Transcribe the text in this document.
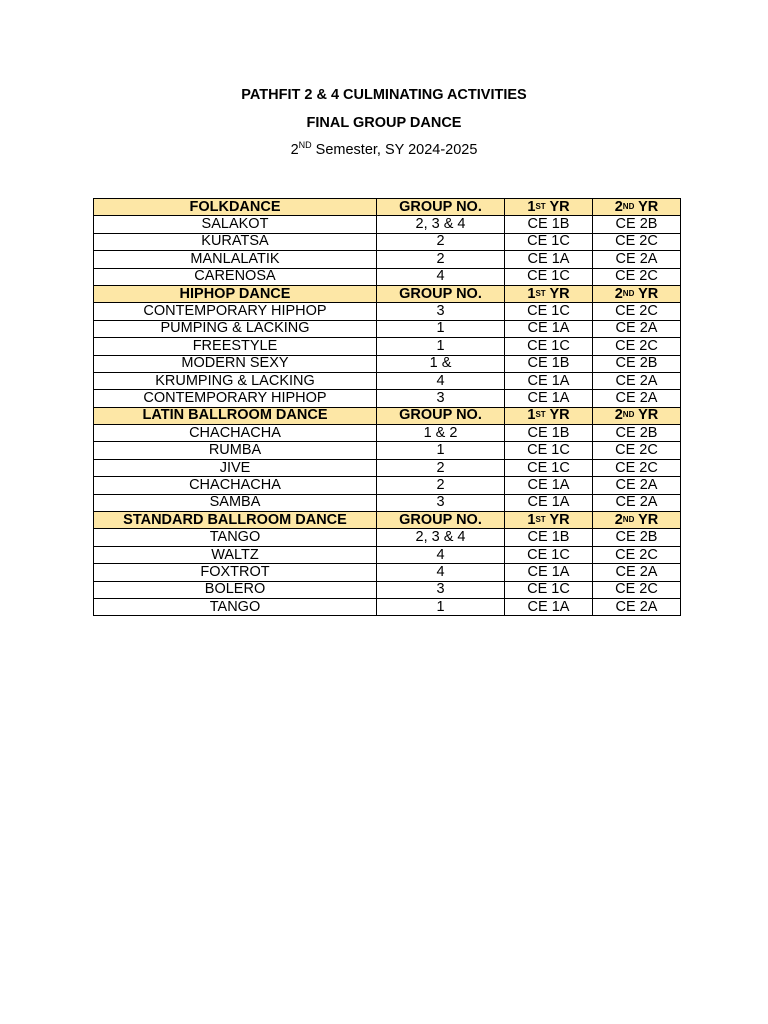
PATHFIT 2 & 4 CULMINATING ACTIVITIES
FINAL GROUP DANCE
2ND Semester, SY 2024-2025
FOLKDANCE	GROUP NO.	1ST YR	2ND YR
SALAKOT	2, 3 & 4	CE 1B	CE 2B
KURATSA	2	CE 1C	CE 2C
MANLALATIK	2	CE 1A	CE 2A
CARENOSA	4	CE 1C	CE 2C
HIPHOP DANCE	GROUP NO.	1ST YR	2ND YR
CONTEMPORARY HIPHOP	3	CE 1C	CE 2C
PUMPING & LACKING	1	CE 1A	CE 2A
FREESTYLE	1	CE 1C	CE 2C
MODERN SEXY	1 &	CE 1B	CE 2B
KRUMPING & LACKING	4	CE 1A	CE 2A
CONTEMPORARY HIPHOP	3	CE 1A	CE 2A
LATIN BALLROOM DANCE	GROUP NO.	1ST YR	2ND YR
CHACHACHA	1 & 2	CE 1B	CE 2B
RUMBA	1	CE 1C	CE 2C
JIVE	2	CE 1C	CE 2C
CHACHACHA	2	CE 1A	CE 2A
SAMBA	3	CE 1A	CE 2A
STANDARD BALLROOM DANCE	GROUP NO.	1ST YR	2ND YR
TANGO	2, 3 & 4	CE 1B	CE 2B
WALTZ	4	CE 1C	CE 2C
FOXTROT	4	CE 1A	CE 2A
BOLERO	3	CE 1C	CE 2C
TANGO	1	CE 1A	CE 2A
